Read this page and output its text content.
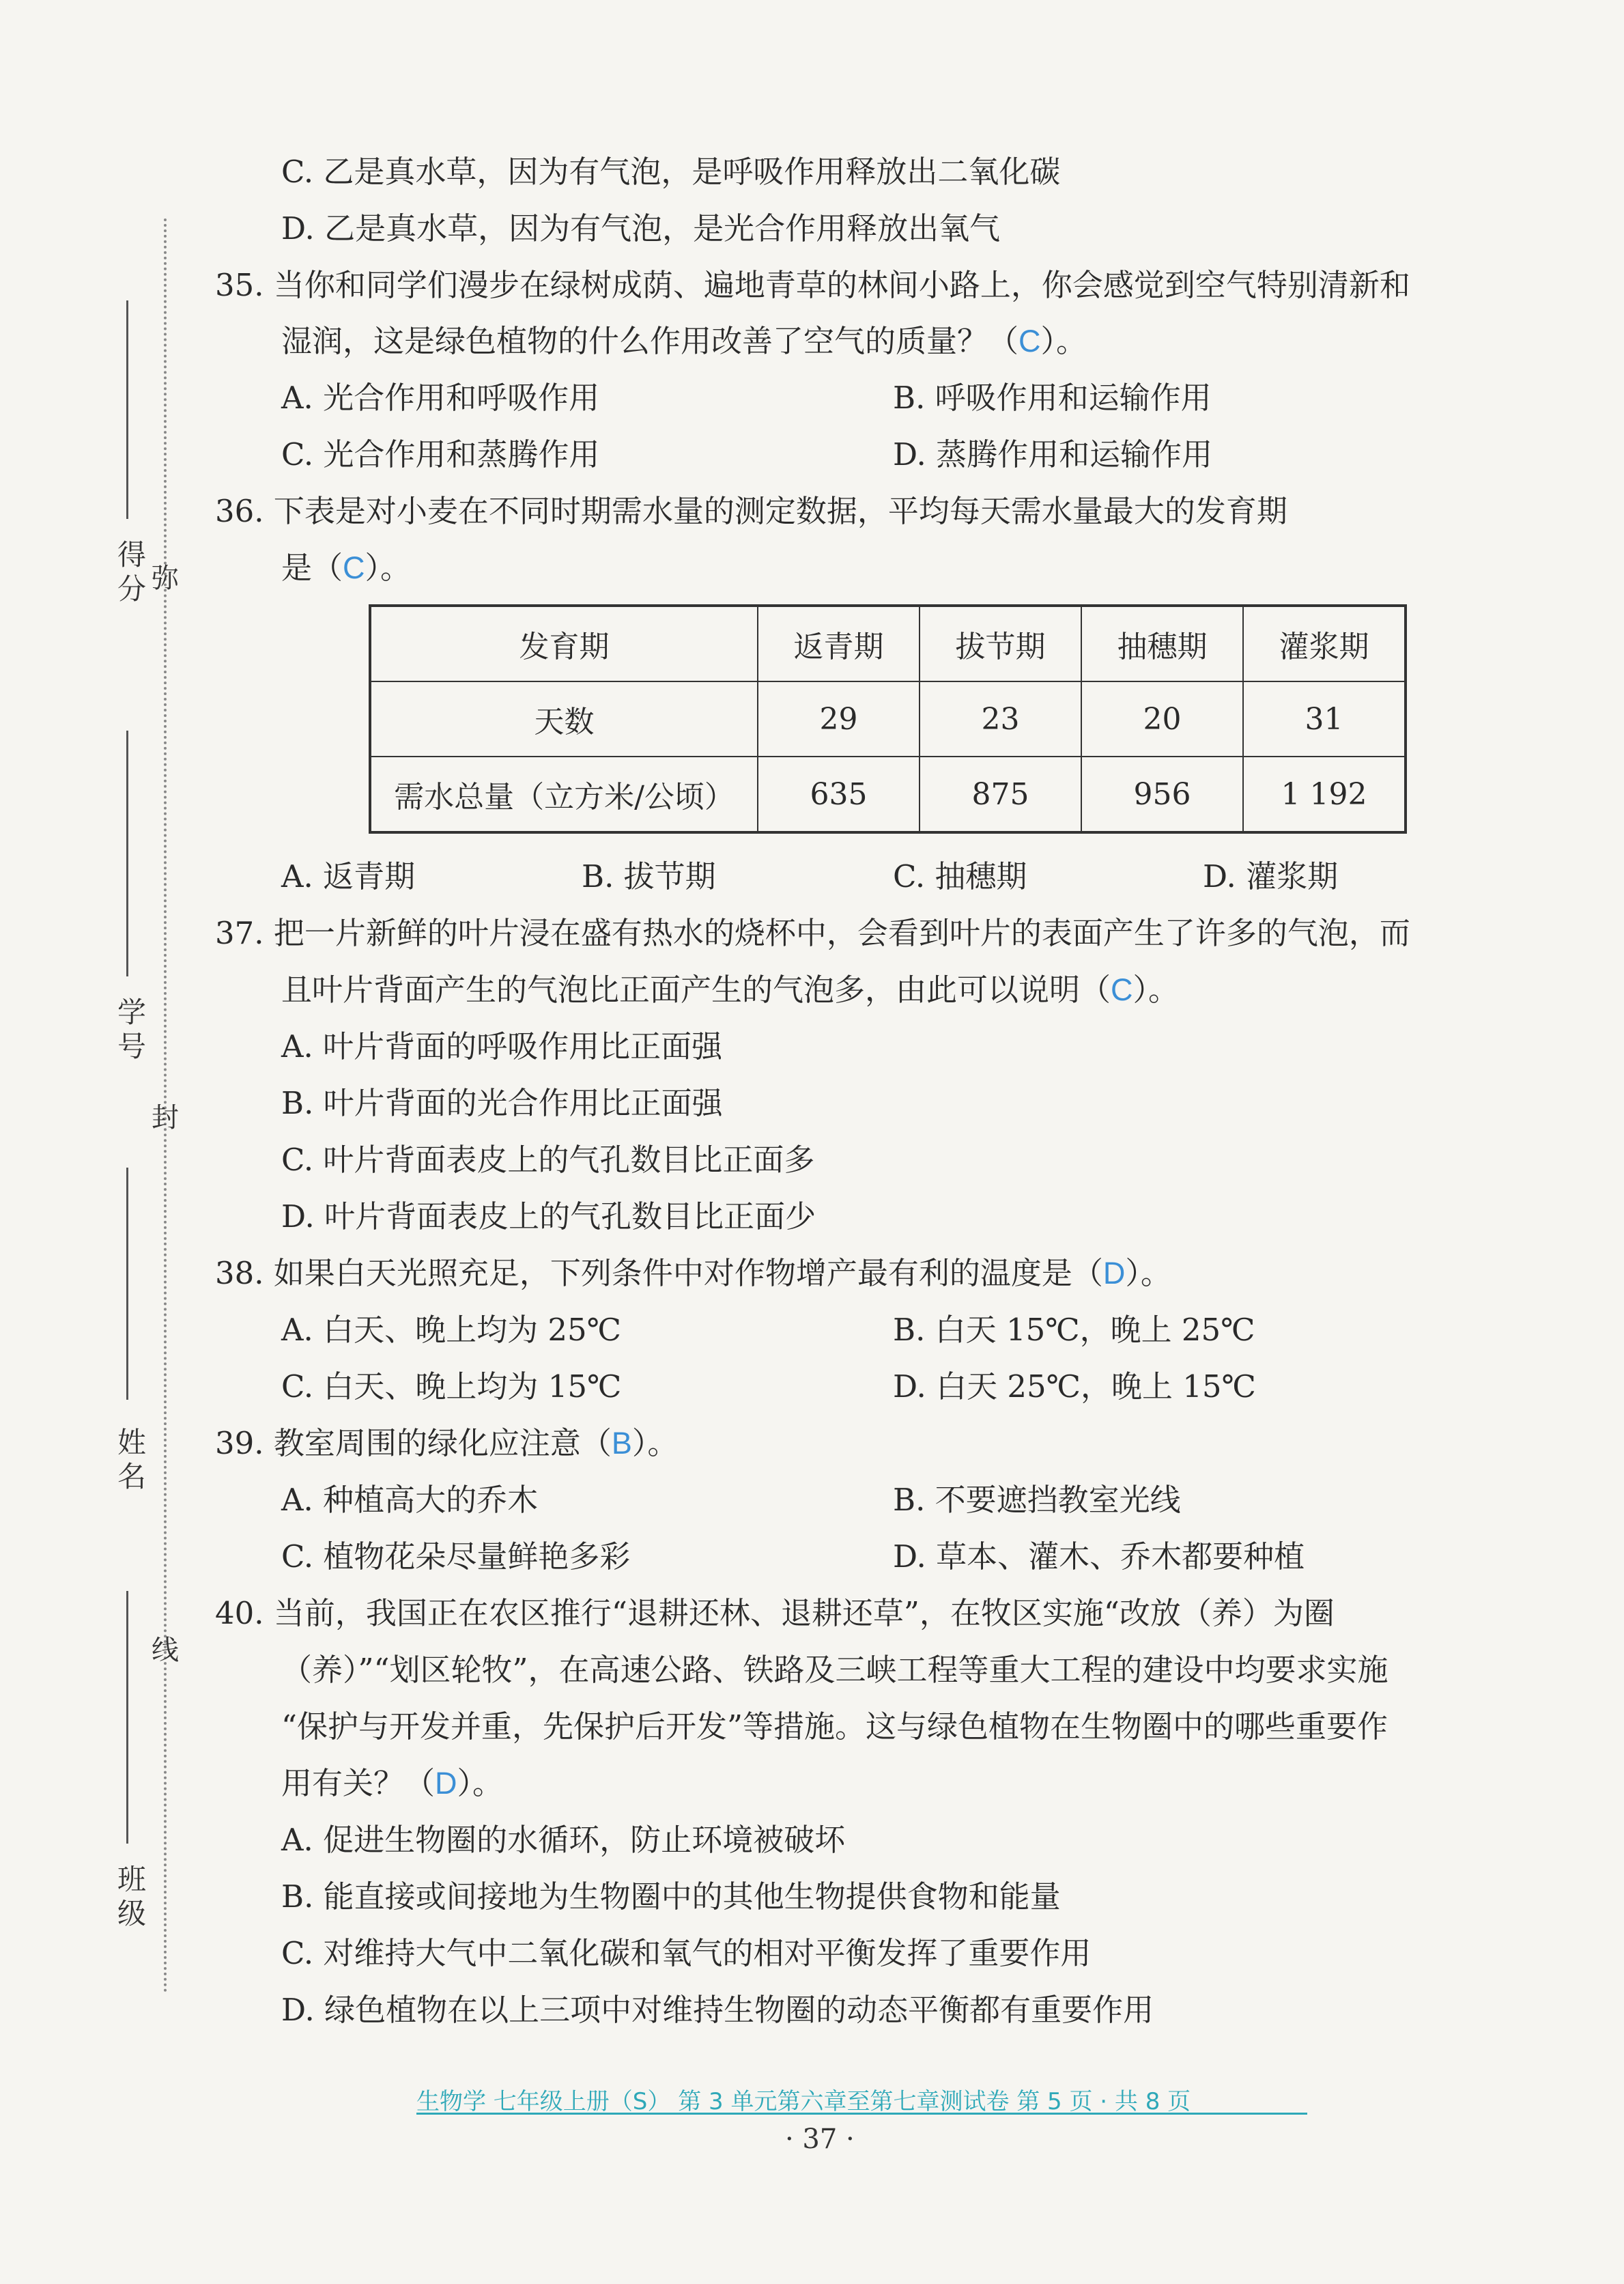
得分 弥
学号
封
姓名
线
班级
C. 乙是真水草，因为有气泡，是呼吸作用释放出二氧化碳
D. 乙是真水草，因为有气泡，是光合作用释放出氧气
35. 当你和同学们漫步在绿树成荫、遍地青草的林间小路上，你会感觉到空气特别清新和
湿润，这是绿色植物的什么作用改善了空气的质量？（C）。
A. 光合作用和呼吸作用	B. 呼吸作用和运输作用
C. 光合作用和蒸腾作用	D. 蒸腾作用和运输作用
36. 下表是对小麦在不同时期需水量的测定数据，平均每天需水量最大的发育期
是（C）。
发育期	返青期	拔节期	抽穗期	灌浆期
天数	29	23	20	31
需水总量（立方米/公顷）	635	875	956	1 192
A. 返青期	B. 拔节期	C. 抽穗期	D. 灌浆期
37. 把一片新鲜的叶片浸在盛有热水的烧杯中，会看到叶片的表面产生了许多的气泡，而
且叶片背面产生的气泡比正面产生的气泡多，由此可以说明（C）。
A. 叶片背面的呼吸作用比正面强
B. 叶片背面的光合作用比正面强
C. 叶片背面表皮上的气孔数目比正面多
D. 叶片背面表皮上的气孔数目比正面少
38. 如果白天光照充足，下列条件中对作物增产最有利的温度是（D）。
A. 白天、晚上均为 25℃	B. 白天 15℃，晚上 25℃
C. 白天、晚上均为 15℃	D. 白天 25℃，晚上 15℃
39. 教室周围的绿化应注意（B）。
A. 种植高大的乔木	B. 不要遮挡教室光线
C. 植物花朵尽量鲜艳多彩	D. 草本、灌木、乔木都要种植
40. 当前，我国正在农区推行“退耕还林、退耕还草”，在牧区实施“改放（养）为圈
（养）”“划区轮牧”，在高速公路、铁路及三峡工程等重大工程的建设中均要求实施
“保护与开发并重，先保护后开发”等措施。这与绿色植物在生物圈中的哪些重要作
用有关？（D）。
A. 促进生物圈的水循环，防止环境被破坏
B. 能直接或间接地为生物圈中的其他生物提供食物和能量
C. 对维持大气中二氧化碳和氧气的相对平衡发挥了重要作用
D. 绿色植物在以上三项中对维持生物圈的动态平衡都有重要作用
生物学 七年级上册（S） 第 3 单元第六章至第七章测试卷 第 5 页 · 共 8 页
· 37 ·
